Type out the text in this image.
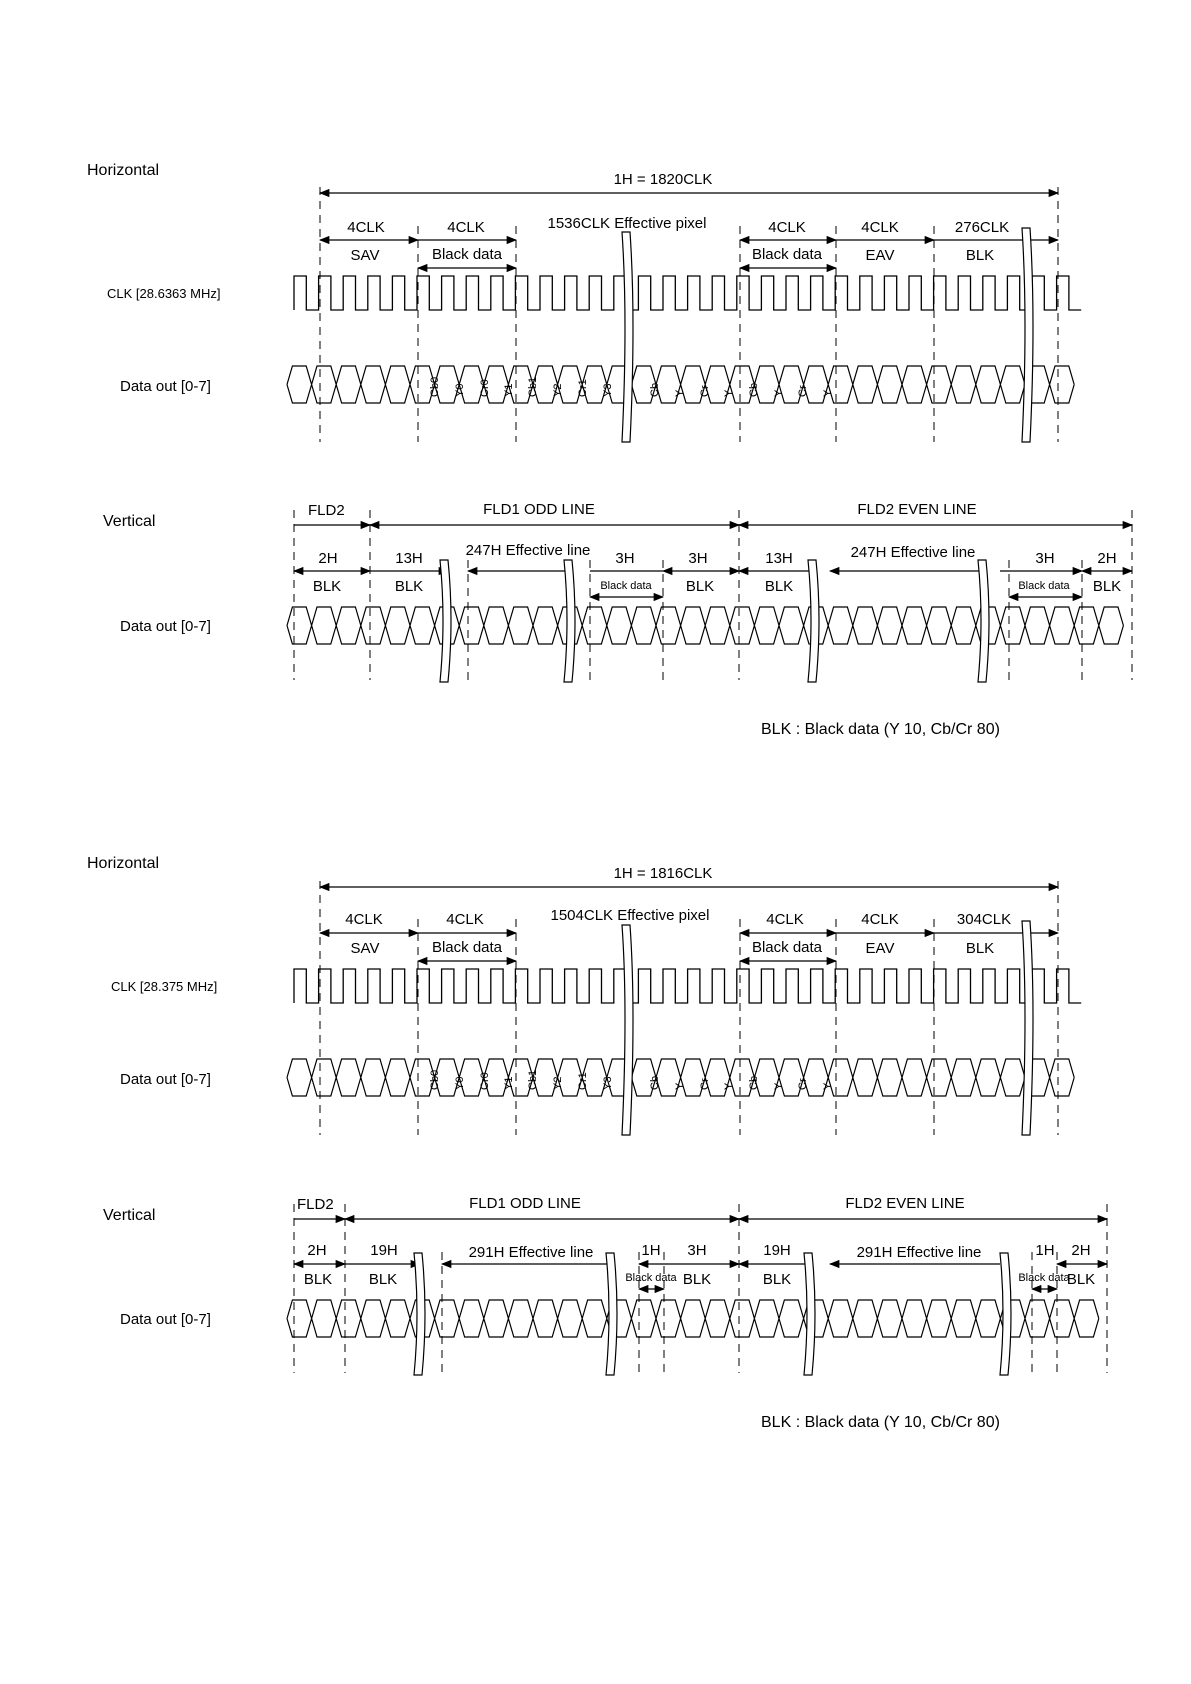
Horizontal
1H = 1820CLK
4CLK	4CLK	1536CLK Effective pixel	4CLK	4CLK	276CLK
SAV	Black data	Black data	EAV	BLK
CLK [28.6363 MHz]
Data out [0-7]	Cb0 Y0 Cr0 Y1 Cb1 Y2 Cr1 Y3	Cb Y Cr Y Cb Y Cr Y
Vertical
FLD2	FLD1 ODD LINE	FLD2 EVEN LINE
2H	13H	247H Effective line 3H	3H	13H	247H Effective line	3H	2H
BLK	BLK	Black data BLK	BLK	Black data BLK
Data out [0-7]
BLK : Black data (Y 10, Cb/Cr 80)
Horizontal
1H = 1816CLK
4CLK	4CLK	1504CLK Effective pixel	4CLK	4CLK	304CLK
SAV	Black data	Black data	EAV	BLK
CLK [28.375 MHz]
Data out [0-7]	Cb0 Y0 Cr0 Y1 Cb1 Y2 Cr1 Y3	Cb Y Cr Y Cb Y Cr Y
Vertical
FLD2	FLD1 ODD LINE	FLD2 EVEN LINE
2H	19H	291H Effective line	1H 3H	19H	291H Effective line	1H 2H
BLK BLK	Black data BLK	BLK	Black data
BLK
Data out [0-7]
BLK : Black data (Y 10, Cb/Cr 80)
